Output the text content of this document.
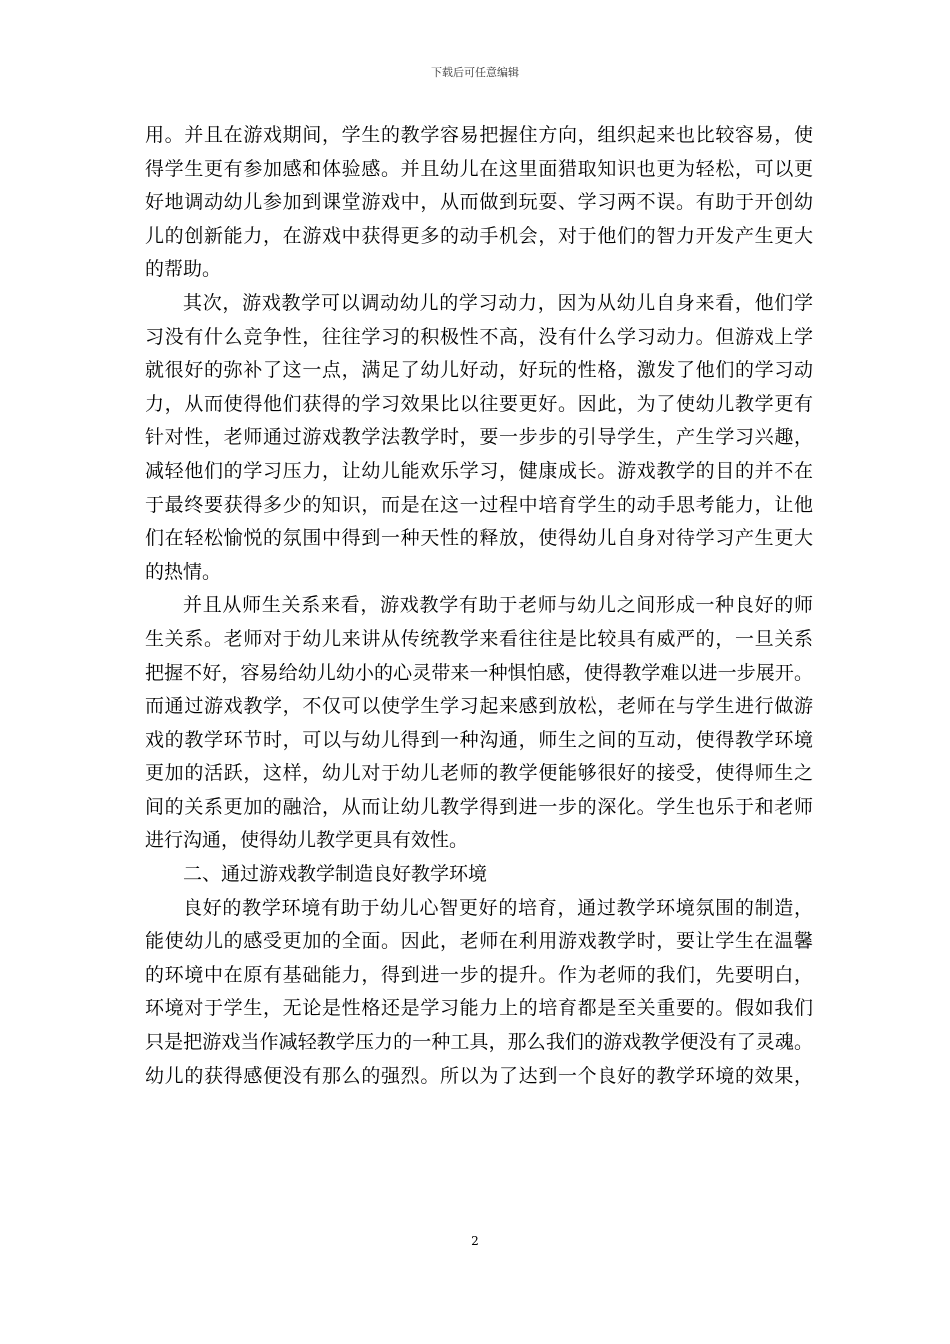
下载后可任意编辑
用。并且在游戏期间，学生的教学容易把握住方向，组织起来也比较容易，使
得学生更有参加感和体验感。并且幼儿在这里面猎取知识也更为轻松，可以更
好地调动幼儿参加到课堂游戏中，从而做到玩耍、学习两不误。有助于开创幼
儿的创新能力，在游戏中获得更多的动手机会，对于他们的智力开发产生更大
的帮助。
其次，游戏教学可以调动幼儿的学习动力，因为从幼儿自身来看，他们学
习没有什么竞争性，往往学习的积极性不高，没有什么学习动力。但游戏上学
就很好的弥补了这一点，满足了幼儿好动，好玩的性格，激发了他们的学习动
力，从而使得他们获得的学习效果比以往要更好。因此，为了使幼儿教学更有
针对性，老师通过游戏教学法教学时，要一步步的引导学生，产生学习兴趣，
减轻他们的学习压力，让幼儿能欢乐学习，健康成长。游戏教学的目的并不在
于最终要获得多少的知识，而是在这一过程中培育学生的动手思考能力，让他
们在轻松愉悦的氛围中得到一种天性的释放，使得幼儿自身对待学习产生更大
的热情。
并且从师生关系来看，游戏教学有助于老师与幼儿之间形成一种良好的师
生关系。老师对于幼儿来讲从传统教学来看往往是比较具有威严的，一旦关系
把握不好，容易给幼儿幼小的心灵带来一种惧怕感，使得教学难以进一步展开。
而通过游戏教学，不仅可以使学生学习起来感到放松，老师在与学生进行做游
戏的教学环节时，可以与幼儿得到一种沟通，师生之间的互动，使得教学环境
更加的活跃，这样，幼儿对于幼儿老师的教学便能够很好的接受，使得师生之
间的关系更加的融洽，从而让幼儿教学得到进一步的深化。学生也乐于和老师
进行沟通，使得幼儿教学更具有效性。
二、通过游戏教学制造良好教学环境
良好的教学环境有助于幼儿心智更好的培育，通过教学环境氛围的制造，
能使幼儿的感受更加的全面。因此，老师在利用游戏教学时，要让学生在温馨
的环境中在原有基础能力，得到进一步的提升。作为老师的我们，先要明白，
环境对于学生，无论是性格还是学习能力上的培育都是至关重要的。假如我们
只是把游戏当作减轻教学压力的一种工具，那么我们的游戏教学便没有了灵魂。
幼儿的获得感便没有那么的强烈。所以为了达到一个良好的教学环境的效果，
2
